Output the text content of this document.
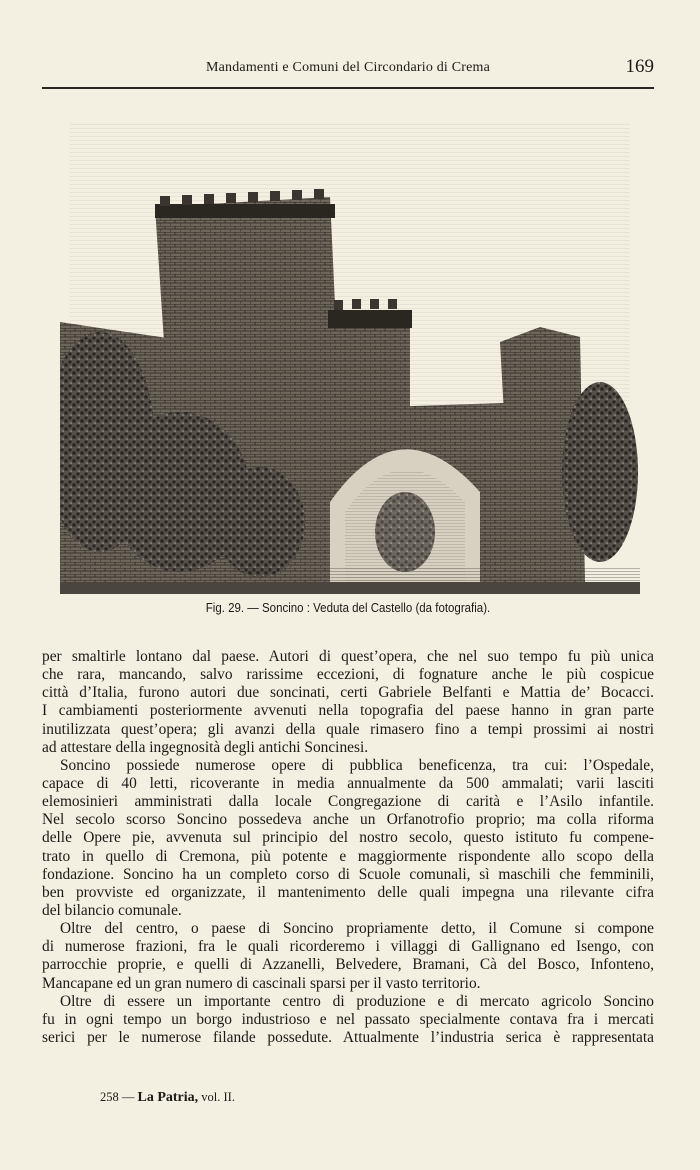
Mandamenti e Comuni del Circondario di Crema	169
Fig. 29. — Soncino : Veduta del Castello (da fotografia).
per smaltirle lontano dal paese. Autori di quest’opera, che nel suo tempo fu più unica
che rara, mancando, salvo rarissime eccezioni, di fognature anche le più cospicue
città d’Italia, furono autori due soncinati, certi Gabriele Belfanti e Mattia de’ Bocacci.
I cambiamenti posteriormente avvenuti nella topografia del paese hanno in gran parte
inutilizzata quest’opera; gli avanzi della quale rimasero fino a tempi prossimi ai nostri
ad attestare della ingegnosità degli antichi Soncinesi.
Soncino possiede numerose opere di pubblica beneficenza, tra cui: l’Ospedale,
capace di 40 letti, ricoverante in media annualmente da 500 ammalati; varii lasciti
elemosinieri amministrati dalla locale Congregazione di carità e l’Asilo infantile.
Nel secolo scorso Soncino possedeva anche un Orfanotrofio proprio; ma colla riforma
delle Opere pie, avvenuta sul principio del nostro secolo, questo istituto fu compene-
trato in quello di Cremona, più potente e maggiormente rispondente allo scopo della
fondazione. Soncino ha un completo corso di Scuole comunali, sì maschili che femminili,
ben provviste ed organizzate, il mantenimento delle quali impegna una rilevante cifra
del bilancio comunale.
Oltre del centro, o paese di Soncino propriamente detto, il Comune si compone
di numerose frazioni, fra le quali ricorderemo i villaggi di Gallignano ed Isengo, con
parrocchie proprie, e quelli di Azzanelli, Belvedere, Bramani, Cà del Bosco, Infonteno,
Mancapane ed un gran numero di cascinali sparsi per il vasto territorio.
Oltre di essere un importante centro di produzione e di mercato agricolo Soncino
fu in ogni tempo un borgo industrioso e nel passato specialmente contava fra i mercati
serici per le numerose filande possedute. Attualmente l’industria serica è rappresentata
258 — La Patria, vol. II.
